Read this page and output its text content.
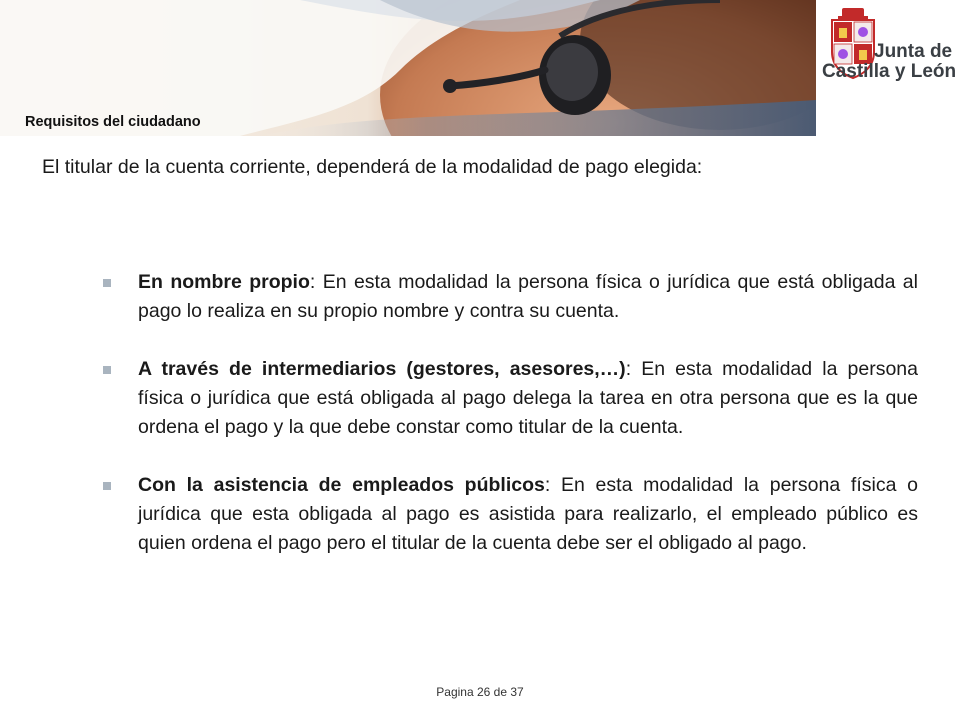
Requisitos del ciudadano
Junta de
Castilla y León
El titular de la cuenta corriente, dependerá de la modalidad de pago elegida:
En nombre propio: En esta modalidad la persona física o jurídica que está obligada al pago lo realiza en su propio nombre y contra su cuenta.
A través de intermediarios (gestores, asesores,…): En esta modalidad la persona física o jurídica que está obligada al pago delega la tarea en otra persona que es la que ordena el pago y la que debe constar como titular de la cuenta.
Con la asistencia de empleados públicos: En esta modalidad la persona física o jurídica que esta obligada al pago es asistida para realizarlo, el empleado público es quien ordena el pago pero el titular de la cuenta debe ser el obligado al pago.
Pagina 26 de 37
